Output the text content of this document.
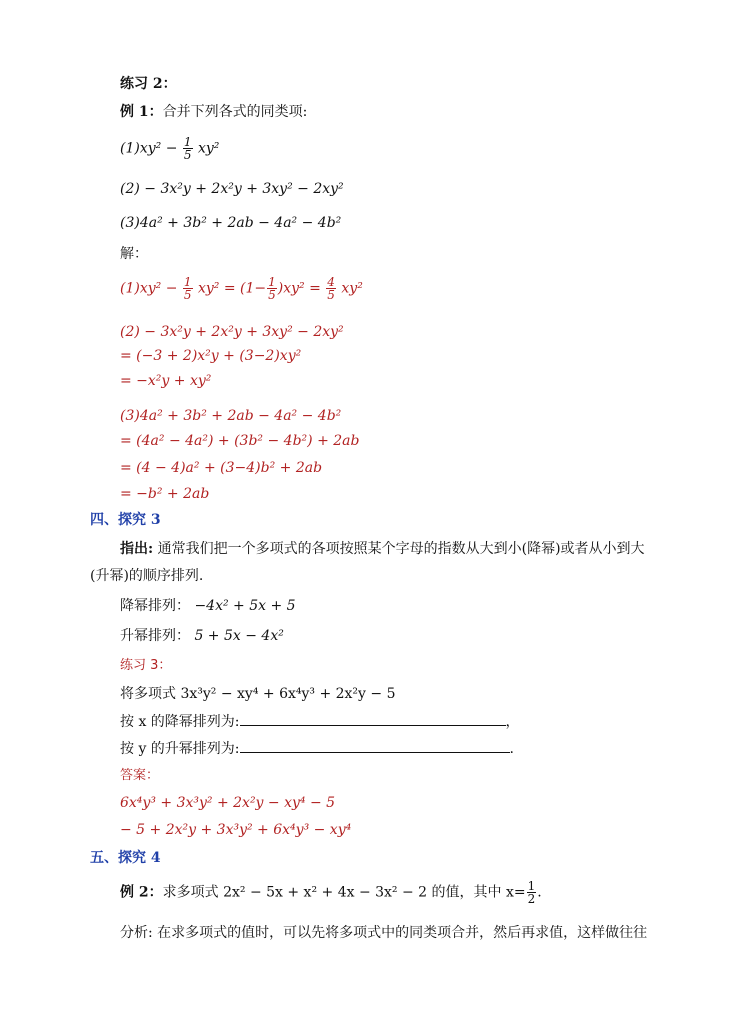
练习 2：
例 1：合并下列各式的同类项:
$(1)xy^2 - \frac{1}{5} xy^2$
(2) − 3x²y + 2x²y + 3xy² − 2xy²
(3)4a² + 3b² + 2ab − 4a² − 4b²
解：
$(1)xy^2 - \frac{1}{5} xy^2 = (1- \frac{1}{5} )xy^2 = \frac{4}{5} xy^2$
(2) − 3x²y + 2x²y + 3xy² − 2xy²
= (−3 + 2)x²y + (3−2)xy²
= −x²y + xy²
(3)4a² + 3b² + 2ab − 4a² − 4b²
= (4a² − 4a²) + (3b² − 4b²) + 2ab
= (4 − 4)a² + (3−4)b² + 2ab
= −b² + 2ab
四、探究 3
指出: 通常我们把一个多项式的各项按照某个字母的指数从大到小(降幂)或者从小到大
(升幂)的顺序排列.
降幂排列： −4x² + 5x + 5
升幂排列： 5 + 5x − 4x²
练习 3：
将多项式 3x³y² − xy⁴ + 6x⁴y³ + 2x²y − 5
按 x 的降幂排列为:	，
按 y 的升幂排列为:	.
答案：
6x⁴y³ + 3x³y² + 2x²y − xy⁴ − 5
− 5 + 2x²y + 3x³y² + 6x⁴y³ − xy⁴
五、探究 4
例 2：求多项式 2x² − 5x + x² + 4x − 3x² − 2 的值，其中 $x= \frac{1}{2}$ .
分析: 在求多项式的值时，可以先将多项式中的同类项合并，然后再求值，这样做往往
